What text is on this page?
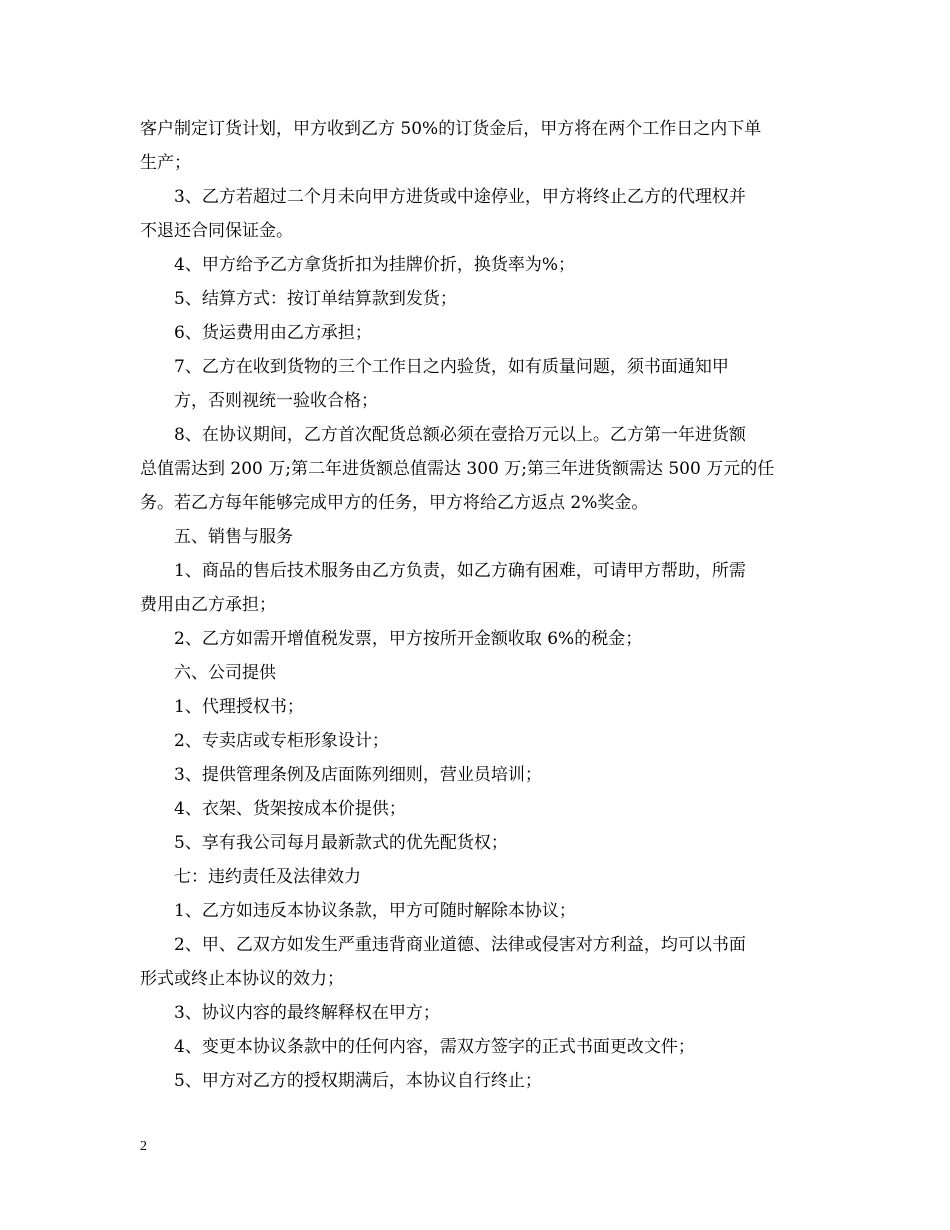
客户制定订货计划，甲方收到乙方 50%的订货金后，甲方将在两个工作日之内下单
生产；
3、乙方若超过二个月未向甲方进货或中途停业，甲方将终止乙方的代理权并
不退还合同保证金。
4、甲方给予乙方拿货折扣为挂牌价折，换货率为%；
5、结算方式：按订单结算款到发货；
6、货运费用由乙方承担；
7、乙方在收到货物的三个工作日之内验货，如有质量问题，须书面通知甲
方，否则视统一验收合格；
8、在协议期间，乙方首次配货总额必须在壹拾万元以上。乙方第一年进货额
总值需达到 200 万;第二年进货额总值需达 300 万;第三年进货额需达 500 万元的任
务。若乙方每年能够完成甲方的任务，甲方将给乙方返点 2%奖金。
五、销售与服务
1、商品的售后技术服务由乙方负责，如乙方确有困难，可请甲方帮助，所需
费用由乙方承担；
2、乙方如需开增值税发票，甲方按所开金额收取 6%的税金；
六、公司提供
1、代理授权书；
2、专卖店或专柜形象设计；
3、提供管理条例及店面陈列细则，营业员培训；
4、衣架、货架按成本价提供；
5、享有我公司每月最新款式的优先配货权；
七：违约责任及法律效力
1、乙方如违反本协议条款，甲方可随时解除本协议；
2、甲、乙双方如发生严重违背商业道德、法律或侵害对方利益，均可以书面
形式或终止本协议的效力；
3、协议内容的最终解释权在甲方；
4、变更本协议条款中的任何内容，需双方签字的正式书面更改文件；
5、甲方对乙方的授权期满后，本协议自行终止；
2
